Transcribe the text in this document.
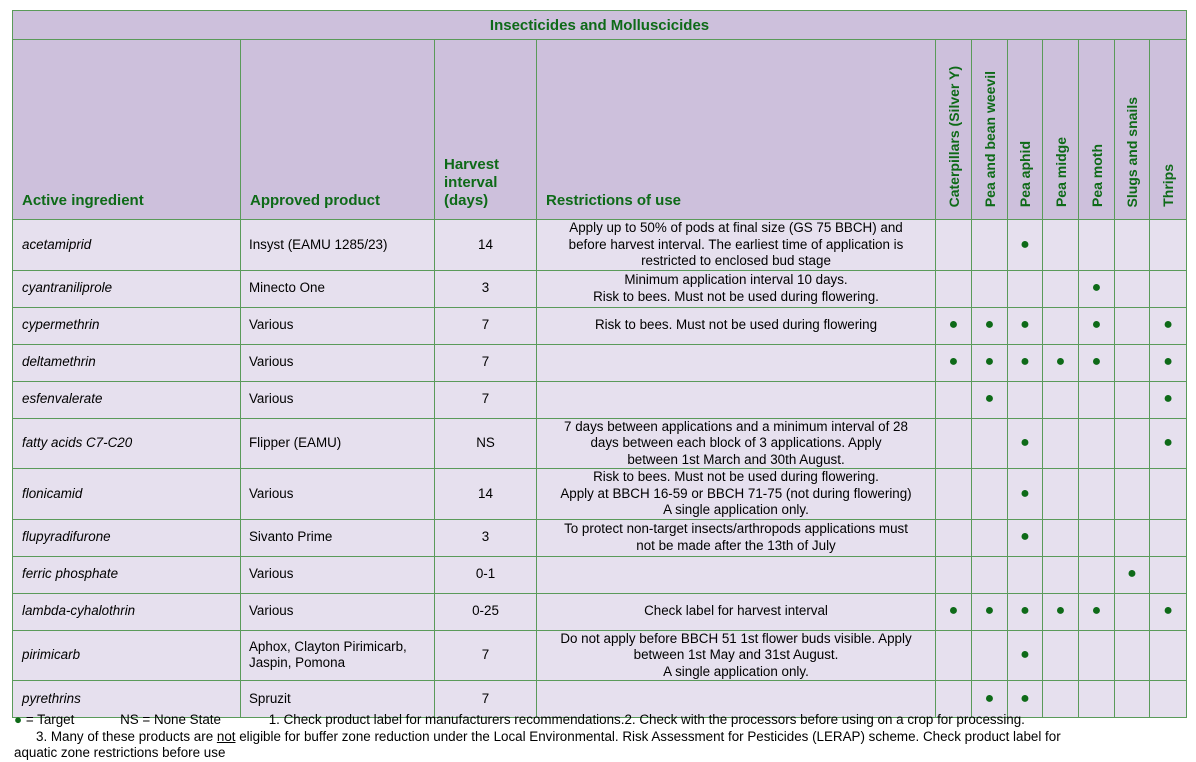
Insecticides and Molluscicides										
Active ingredient	Approved product	Harvest
interval
(days)	Restrictions of use	Caterpillars (Silver Y)	Pea and bean weevil	Pea aphid	Pea midge	Pea moth	Slugs and snails	Thrips
acetamiprid	Insyst (EAMU 1285/23)	14	Apply up to 50% of pods at final size (GS 75 BBCH) and
before harvest interval. The earliest time of application is
restricted to enclosed bud stage			●				
cyantraniliprole	Minecto One	3	Minimum application interval 10 days.
Risk to bees. Must not be used during flowering.					●		
cypermethrin	Various	7	Risk to bees. Must not be used during flowering	●	●	●		●		●
deltamethrin	Various	7		●	●	●	●	●		●
esfenvalerate	Various	7			●					●
fatty acids C7-C20	Flipper (EAMU)	NS	7 days between applications and a minimum interval of 28
days between each block of 3 applications. Apply
between 1st March and 30th August.			●				●
flonicamid	Various	14	Risk to bees. Must not be used during flowering.
Apply at BBCH 16-59 or BBCH 71-75 (not during flowering)
A single application only.			●				
flupyradifurone	Sivanto Prime	3	To protect non-target insects/arthropods applications must
not be made after the 13th of July			●				
ferric phosphate	Various	0-1							●	
lambda-cyhalothrin	Various	0-25	Check label for harvest interval	●	●	●	●	●		●
pirimicarb	Aphox, Clayton Pirimicarb, Jaspin, Pomona	7	Do not apply before BBCH 51 1st flower buds visible. Apply
between 1st May and 31st August.
A single application only.			●				
pyrethrins	Spruzit	7			●	●				
● = Target	NS = None State	1. Check product label for manufacturers recommendations.2. Check with the processors before using on a crop for processing.
3. Many of these products are not eligible for buffer zone reduction under the Local Environmental. Risk Assessment for Pesticides (LERAP) scheme. Check product label for
aquatic zone restrictions before use
